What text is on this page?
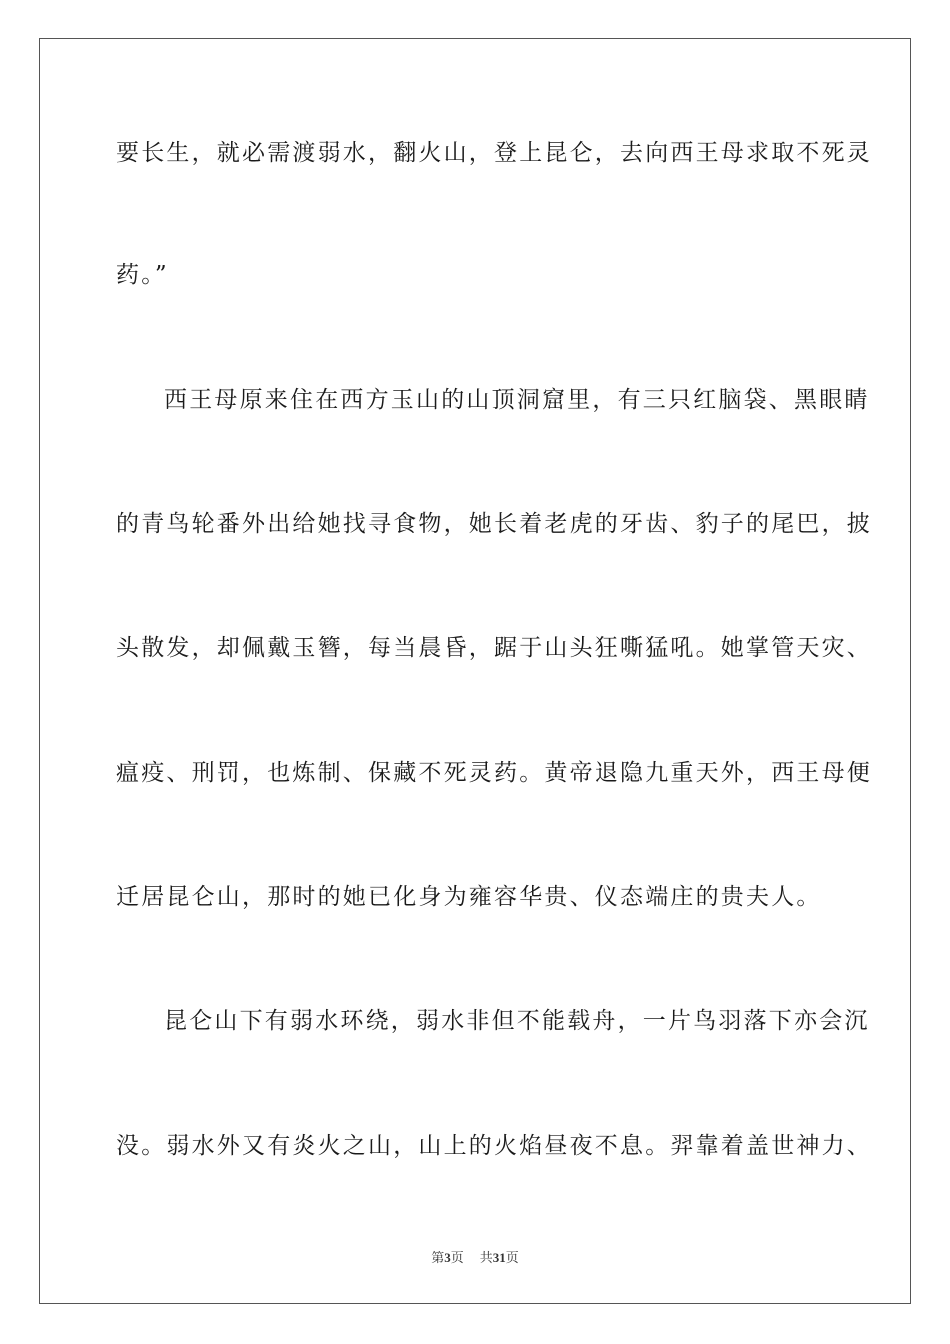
要长生，就必需渡弱水，翻火山，登上昆仑，去向西王母求取不死灵

药。”

西王母原来住在西方玉山的山顶洞窟里，有三只红脑袋、黑眼睛

的青鸟轮番外出给她找寻食物，她长着老虎的牙齿、豹子的尾巴，披

头散发，却佩戴玉簪，每当晨昏，踞于山头狂嘶猛吼。她掌管天灾、

瘟疫、刑罚，也炼制、保藏不死灵药。黄帝退隐九重天外，西王母便

迁居昆仑山，那时的她已化身为雍容华贵、仪态端庄的贵夫人。

昆仑山下有弱水环绕，弱水非但不能载舟，一片鸟羽落下亦会沉

没。弱水外又有炎火之山，山上的火焰昼夜不息。羿靠着盖世神力、

第3页 共31页
